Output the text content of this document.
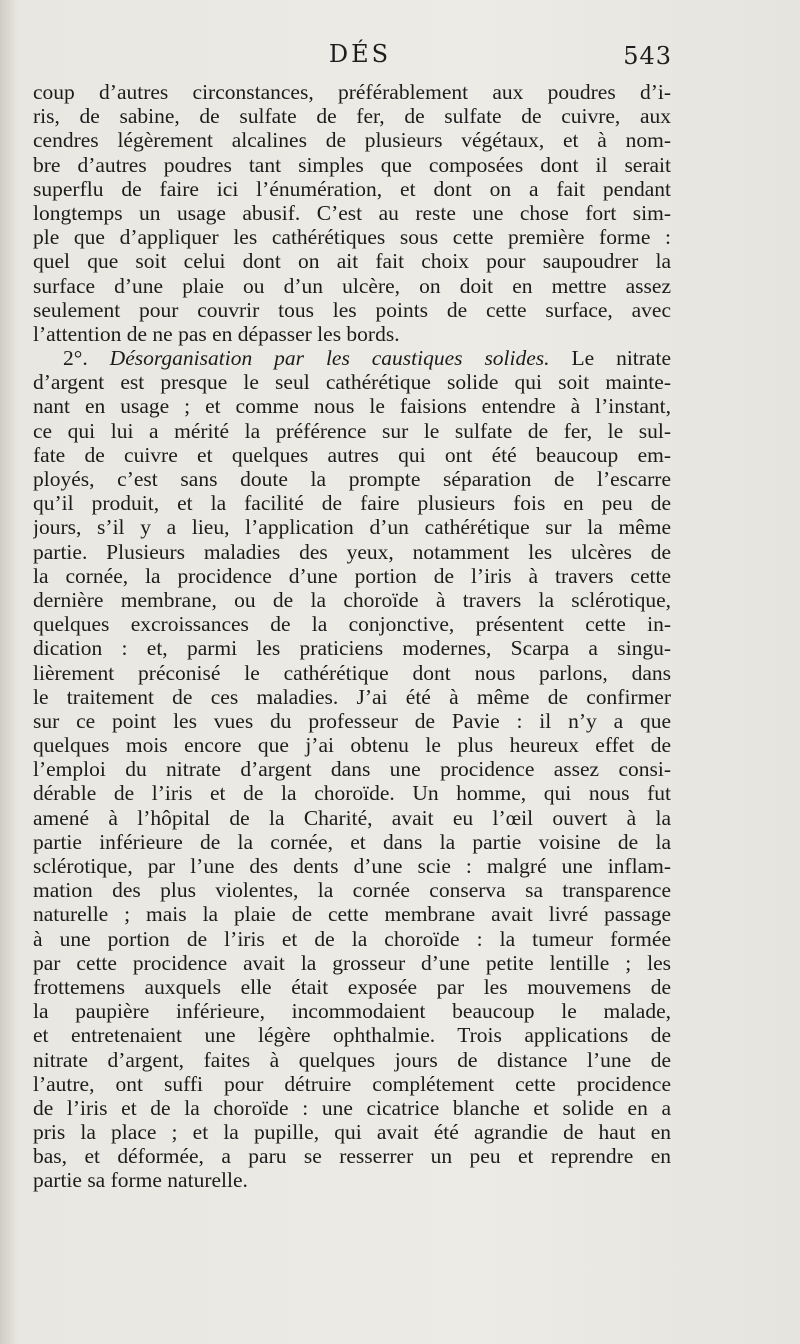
DÉS	543
coup d’autres circonstances, préférablement aux poudres d’i-
ris, de sabine, de sulfate de fer, de sulfate de cuivre, aux
cendres légèrement alcalines de plusieurs végétaux, et à nom-
bre d’autres poudres tant simples que composées dont il serait
superflu de faire ici l’énumération, et dont on a fait pendant
longtemps un usage abusif. C’est au reste une chose fort sim-
ple que d’appliquer les cathérétiques sous cette première forme :
quel que soit celui dont on ait fait choix pour saupoudrer la
surface d’une plaie ou d’un ulcère, on doit en mettre assez
seulement pour couvrir tous les points de cette surface, avec
l’attention de ne pas en dépasser les bords.
2°. Désorganisation par les caustiques solides. Le nitrate
d’argent est presque le seul cathérétique solide qui soit mainte-
nant en usage ; et comme nous le faisions entendre à l’instant,
ce qui lui a mérité la préférence sur le sulfate de fer, le sul-
fate de cuivre et quelques autres qui ont été beaucoup em-
ployés, c’est sans doute la prompte séparation de l’escarre
qu’il produit, et la facilité de faire plusieurs fois en peu de
jours, s’il y a lieu, l’application d’un cathérétique sur la même
partie. Plusieurs maladies des yeux, notamment les ulcères de
la cornée, la procidence d’une portion de l’iris à travers cette
dernière membrane, ou de la choroïde à travers la sclérotique,
quelques excroissances de la conjonctive, présentent cette in-
dication : et, parmi les praticiens modernes, Scarpa a singu-
lièrement préconisé le cathérétique dont nous parlons, dans
le traitement de ces maladies. J’ai été à même de confirmer
sur ce point les vues du professeur de Pavie : il n’y a que
quelques mois encore que j’ai obtenu le plus heureux effet de
l’emploi du nitrate d’argent dans une procidence assez consi-
dérable de l’iris et de la choroïde. Un homme, qui nous fut
amené à l’hôpital de la Charité, avait eu l’œil ouvert à la
partie inférieure de la cornée, et dans la partie voisine de la
sclérotique, par l’une des dents d’une scie : malgré une inflam-
mation des plus violentes, la cornée conserva sa transparence
naturelle ; mais la plaie de cette membrane avait livré passage
à une portion de l’iris et de la choroïde : la tumeur formée
par cette procidence avait la grosseur d’une petite lentille ; les
frottemens auxquels elle était exposée par les mouvemens de
la paupière inférieure, incommodaient beaucoup le malade,
et entretenaient une légère ophthalmie. Trois applications de
nitrate d’argent, faites à quelques jours de distance l’une de
l’autre, ont suffi pour détruire complétement cette procidence
de l’iris et de la choroïde : une cicatrice blanche et solide en a
pris la place ; et la pupille, qui avait été agrandie de haut en
bas, et déformée, a paru se resserrer un peu et reprendre en
partie sa forme naturelle.
